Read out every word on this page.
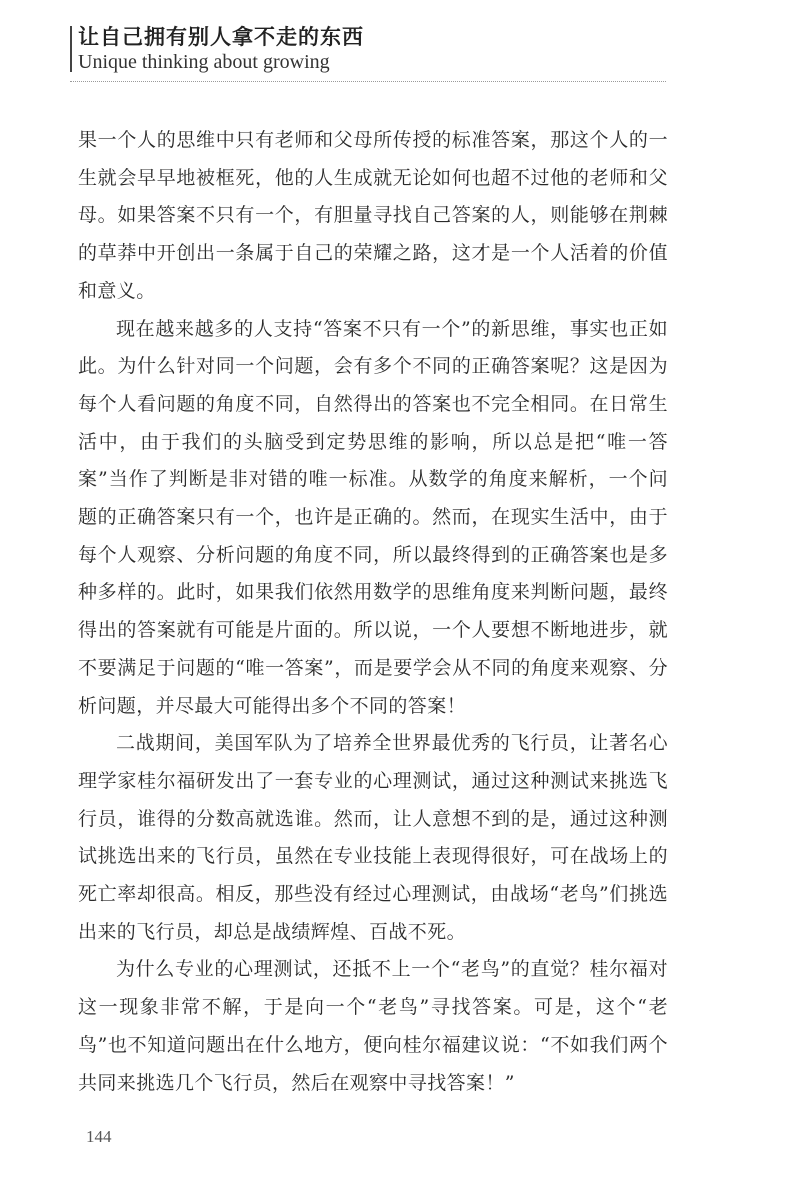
让自己拥有别人拿不走的东西
Unique thinking about growing

果一个人的思维中只有老师和父母所传授的标准答案，那这个人的一生就会早早地被框死，他的人生成就无论如何也超不过他的老师和父母。如果答案不只有一个，有胆量寻找自己答案的人，则能够在荆棘的草莽中开创出一条属于自己的荣耀之路，这才是一个人活着的价值和意义。

现在越来越多的人支持“答案不只有一个”的新思维，事实也正如此。为什么针对同一个问题，会有多个不同的正确答案呢？这是因为每个人看问题的角度不同，自然得出的答案也不完全相同。在日常生活中，由于我们的头脑受到定势思维的影响，所以总是把“唯一答案”当作了判断是非对错的唯一标准。从数学的角度来解析，一个问题的正确答案只有一个，也许是正确的。然而，在现实生活中，由于每个人观察、分析问题的角度不同，所以最终得到的正确答案也是多种多样的。此时，如果我们依然用数学的思维角度来判断问题，最终得出的答案就有可能是片面的。所以说，一个人要想不断地进步，就不要满足于问题的“唯一答案”，而是要学会从不同的角度来观察、分析问题，并尽最大可能得出多个不同的答案！

二战期间，美国军队为了培养全世界最优秀的飞行员，让著名心理学家桂尔福研发出了一套专业的心理测试，通过这种测试来挑选飞行员，谁得的分数高就选谁。然而，让人意想不到的是，通过这种测试挑选出来的飞行员，虽然在专业技能上表现得很好，可在战场上的死亡率却很高。相反，那些没有经过心理测试，由战场“老鸟”们挑选出来的飞行员，却总是战绩辉煌、百战不死。

为什么专业的心理测试，还抵不上一个“老鸟”的直觉？桂尔福对这一现象非常不解，于是向一个“老鸟”寻找答案。可是，这个“老鸟”也不知道问题出在什么地方，便向桂尔福建议说：“不如我们两个共同来挑选几个飞行员，然后在观察中寻找答案！”

144
